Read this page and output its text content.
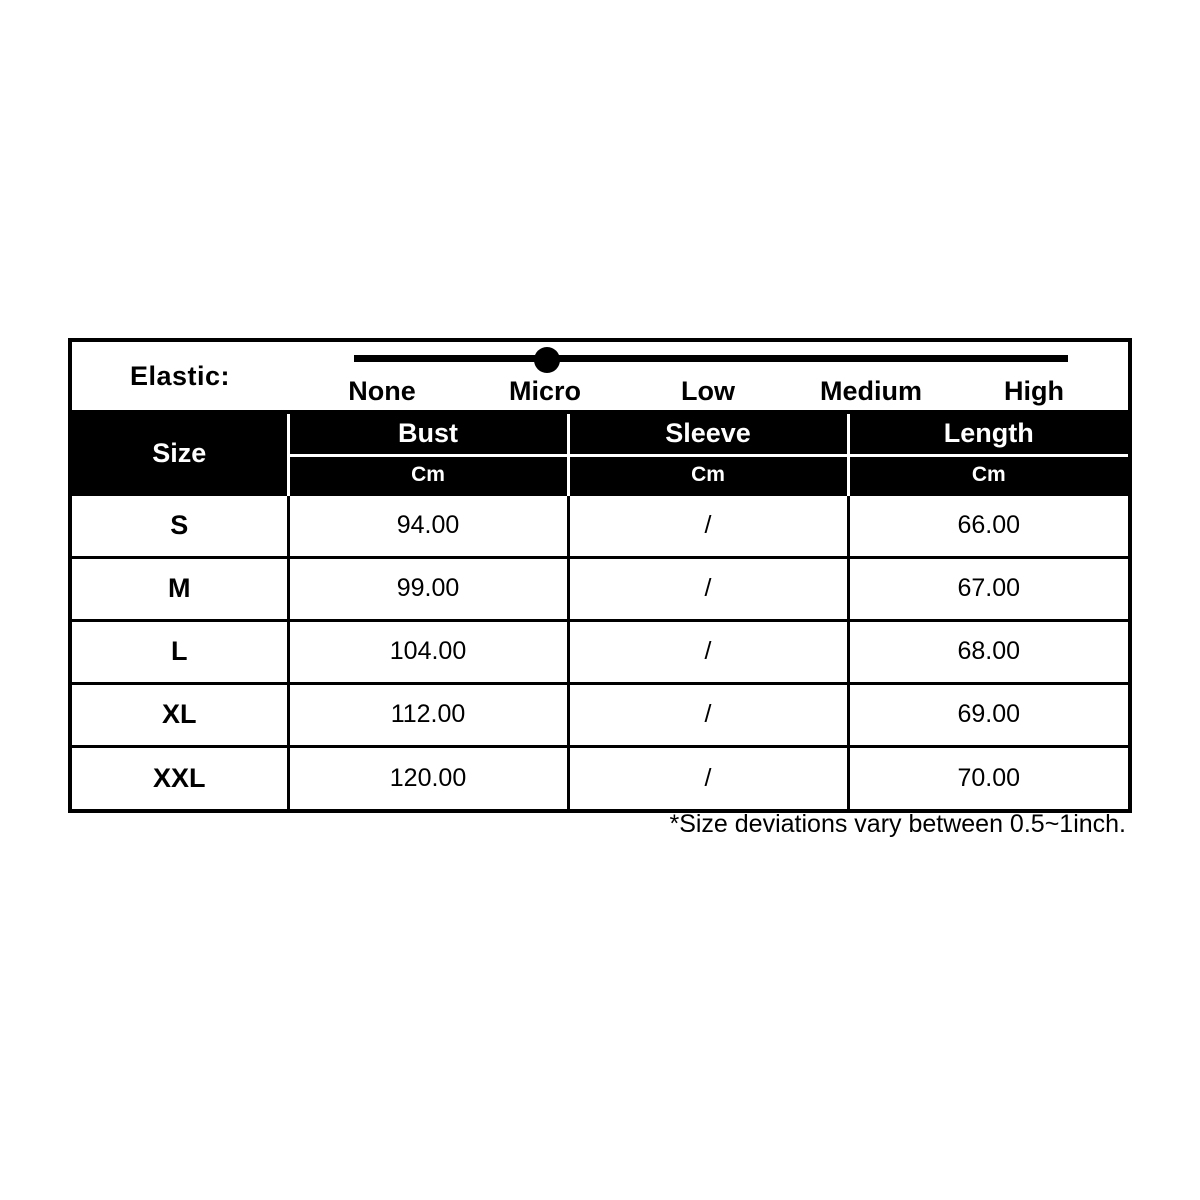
Elastic:
None	Micro	Low	Medium	High
Size	Bust	Sleeve	Length
	Cm	Cm	Cm
S	94.00	/	66.00
M	99.00	/	67.00
L	104.00	/	68.00
XL	112.00	/	69.00
XXL	120.00	/	70.00
*Size deviations vary between 0.5~1inch.
